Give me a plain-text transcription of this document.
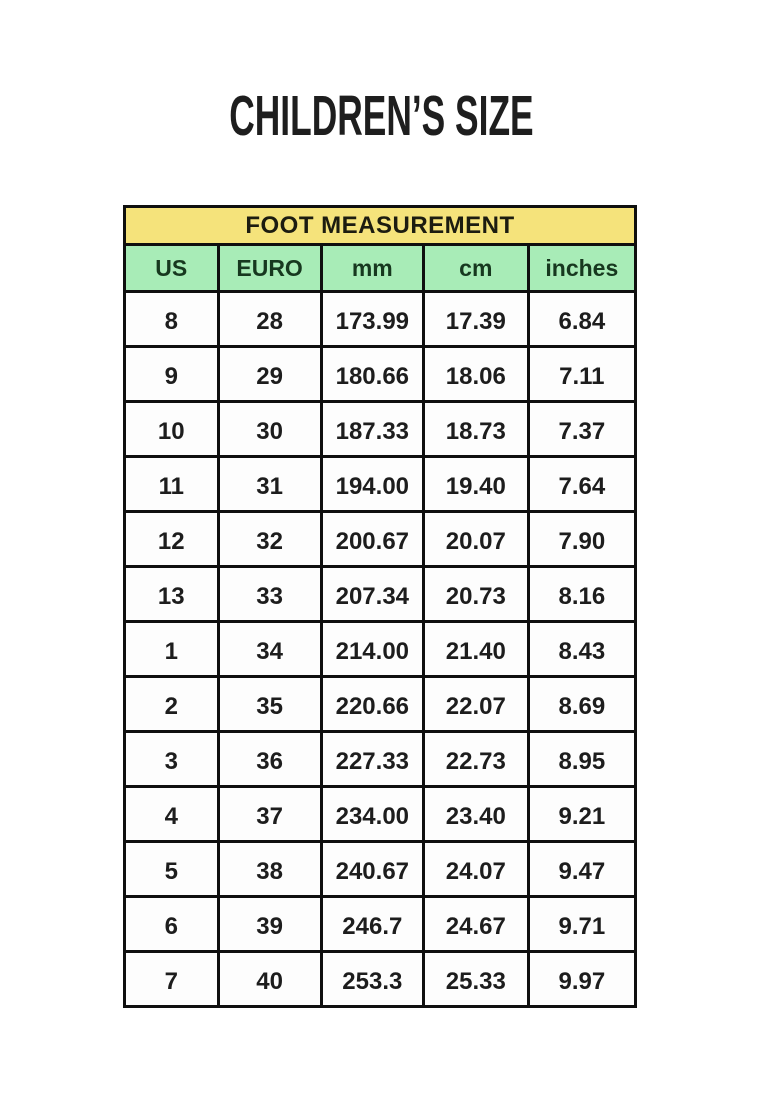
CHILDREN’S SIZE
FOOT MEASUREMENT				
US	EURO	mm	cm	inches
8	28	173.99	17.39	6.84
9	29	180.66	18.06	7.11
10	30	187.33	18.73	7.37
11	31	194.00	19.40	7.64
12	32	200.67	20.07	7.90
13	33	207.34	20.73	8.16
1	34	214.00	21.40	8.43
2	35	220.66	22.07	8.69
3	36	227.33	22.73	8.95
4	37	234.00	23.40	9.21
5	38	240.67	24.07	9.47
6	39	246.7	24.67	9.71
7	40	253.3	25.33	9.97
